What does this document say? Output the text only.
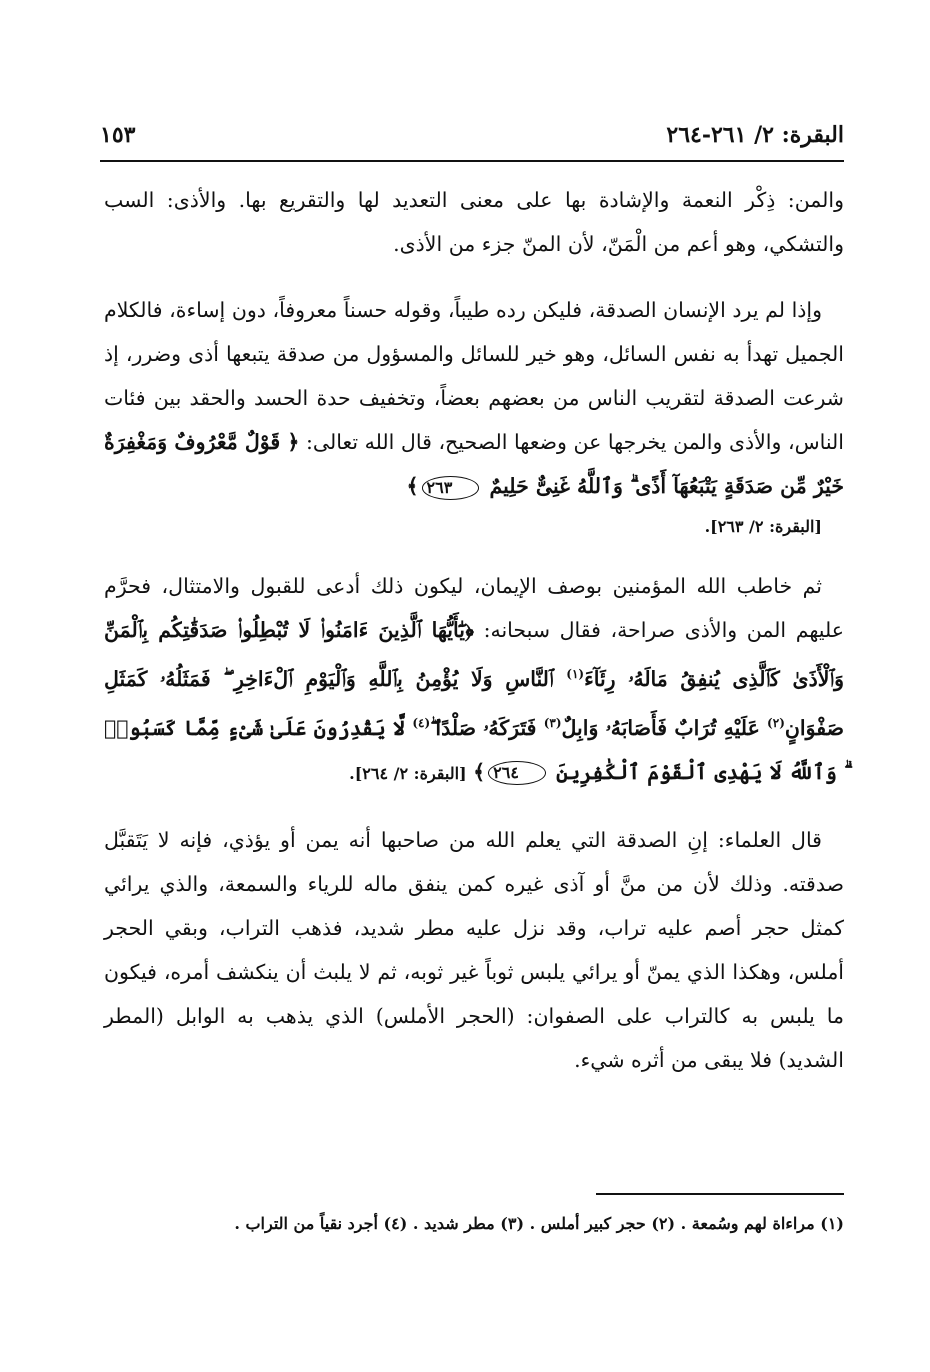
البقرة: ٢/ ٢٦١-٢٦٤
١٥٣

والمن: ذِكْر النعمة والإشادة بها على معنى التعديد لها والتقريع بها. والأذى: السب والتشكي، وهو أعم من الْمَنّ، لأن المنّ جزء من الأذى.

وإذا لم يرد الإنسان الصدقة، فليكن رده طيباً، وقوله حسناً معروفاً، دون إساءة، فالكلام الجميل تهدأ به نفس السائل، وهو خير للسائل والمسؤول من صدقة يتبعها أذى وضرر، إذ شرعت الصدقة لتقريب الناس من بعضهم بعضاً، وتخفيف حدة الحسد والحقد بين فئات الناس، والأذى والمن يخرجها عن وضعها الصحيح، قال الله تعالى: ﴿ قَوْلٌ مَّعْرُوفٌ وَمَغْفِرَةٌ خَيْرٌ مِّن صَدَقَةٍ يَتْبَعُهَآ أَذًى ۗ وَٱللَّهُ غَنِىٌّ حَلِيمٌ ٢٦٣﴾
[البقرة: ٢/ ٢٦٣].

ثم خاطب الله المؤمنين بوصف الإيمان، ليكون ذلك أدعى للقبول والامتثال، فحرَّم عليهم المن والأذى صراحة، فقال سبحانه: ﴿يَٰٓأَيُّهَا ٱلَّذِينَ ءَامَنُوا۟ لَا تُبْطِلُوا۟ صَدَقَٰتِكُم بِٱلْمَنِّ وَٱلْأَذَىٰ كَٱلَّذِى يُنفِقُ مَالَهُۥ رِئَآءَ$^{(١)}$ ٱلنَّاسِ وَلَا يُؤْمِنُ بِٱللَّهِ وَٱلْيَوْمِ ٱلْءَاخِرِ ۖ فَمَثَلُهُۥ كَمَثَلِ صَفْوَانٍ$^{(٢)}$ عَلَيْهِ تُرَابٌ فَأَصَابَهُۥ وَابِلٌ$^{(٣)}$ فَتَرَكَهُۥ صَلْدًا ۖ$^{(٤)}$ لَّا يَقْدِرُونَ عَلَىٰ شَىْءٍ مِّمَّا كَسَبُوا۟ ۗ وَٱللَّهُ لَا يَهْدِى ٱلْقَوْمَ ٱلْكَٰفِرِينَ ٢٦٤﴾ [البقرة: ٢/ ٢٦٤].

قال العلماء: إنِ الصدقة التي يعلم الله من صاحبها أنه يمن أو يؤذي، فإنه لا يَتَقبَّل صدقته. وذلك لأن من منَّ أو آذى غيره كمن ينفق ماله للرياء والسمعة، والذي يرائي كمثل حجر أصم عليه تراب، وقد نزل عليه مطر شديد، فذهب التراب، وبقي الحجر أملس، وهكذا الذي يمنّ أو يرائي يلبس ثوباً غير ثوبه، ثم لا يلبث أن ينكشف أمره، فيكون ما يلبس به كالتراب على الصفوان: (الحجر الأملس) الذي يذهب به الوابل (المطر الشديد) فلا يبقى من أثره شيء.

(١) مراءاة لهم وسُمعة . (٢) حجر كبير أملس . (٣) مطر شديد . (٤) أجرد نقياً من التراب .
